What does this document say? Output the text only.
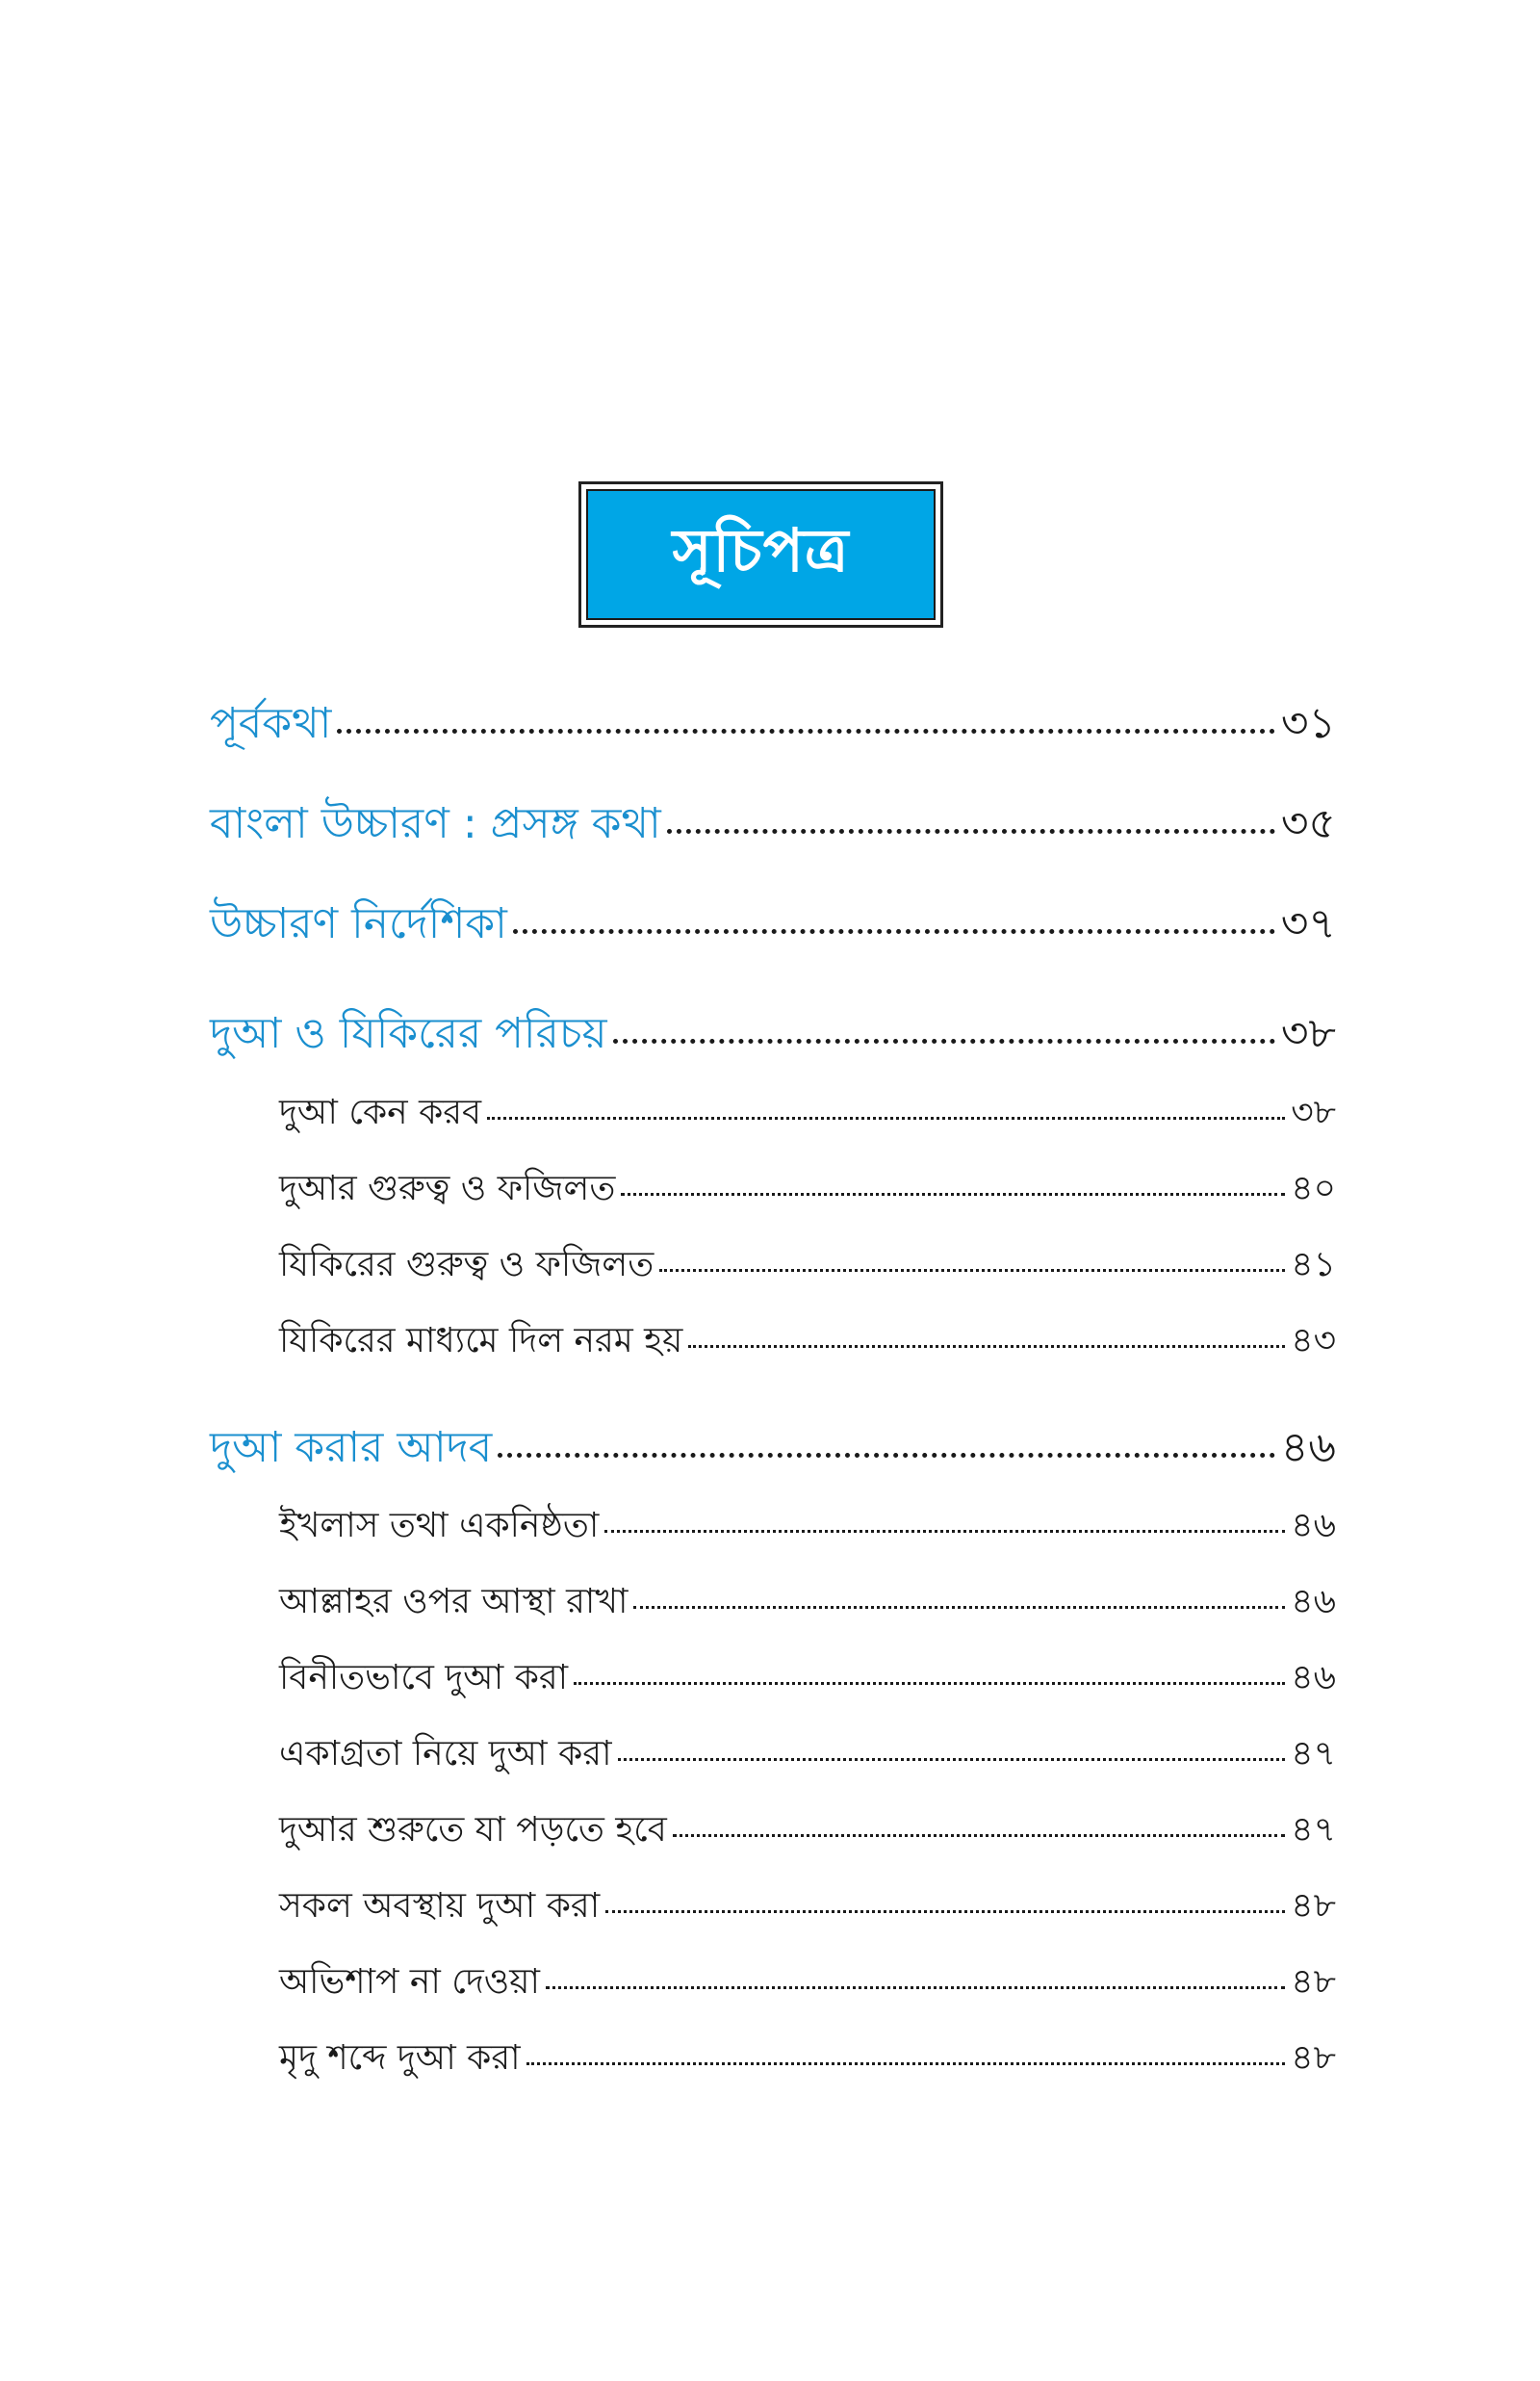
সূচিপত্র
পূর্বকথা	৩১
বাংলা উচ্চারণ : প্রসঙ্গ কথা	৩৫
উচ্চারণ নির্দেশিকা	৩৭
দুআ ও যিকিরের পরিচয়	৩৮
দুআ কেন করব	৩৮
দুআর গুরুত্ব ও ফজিলত	৪০
যিকিরের গুরুত্ব ও ফজিলত	৪১
যিকিরের মাধ্যমে দিল নরম হয়	৪৩
দুআ করার আদব	৪৬
ইখলাস তথা একনিষ্ঠতা	৪৬
আল্লাহর ওপর আস্থা রাখা	৪৬
বিনীতভাবে দুআ করা	৪৬
একাগ্রতা নিয়ে দুআ করা	৪৭
দুআর শুরুতে যা পড়তে হবে	৪৭
সকল অবস্থায় দুআ করা	৪৮
অভিশাপ না দেওয়া	৪৮
মৃদু শব্দে দুআ করা	৪৮
